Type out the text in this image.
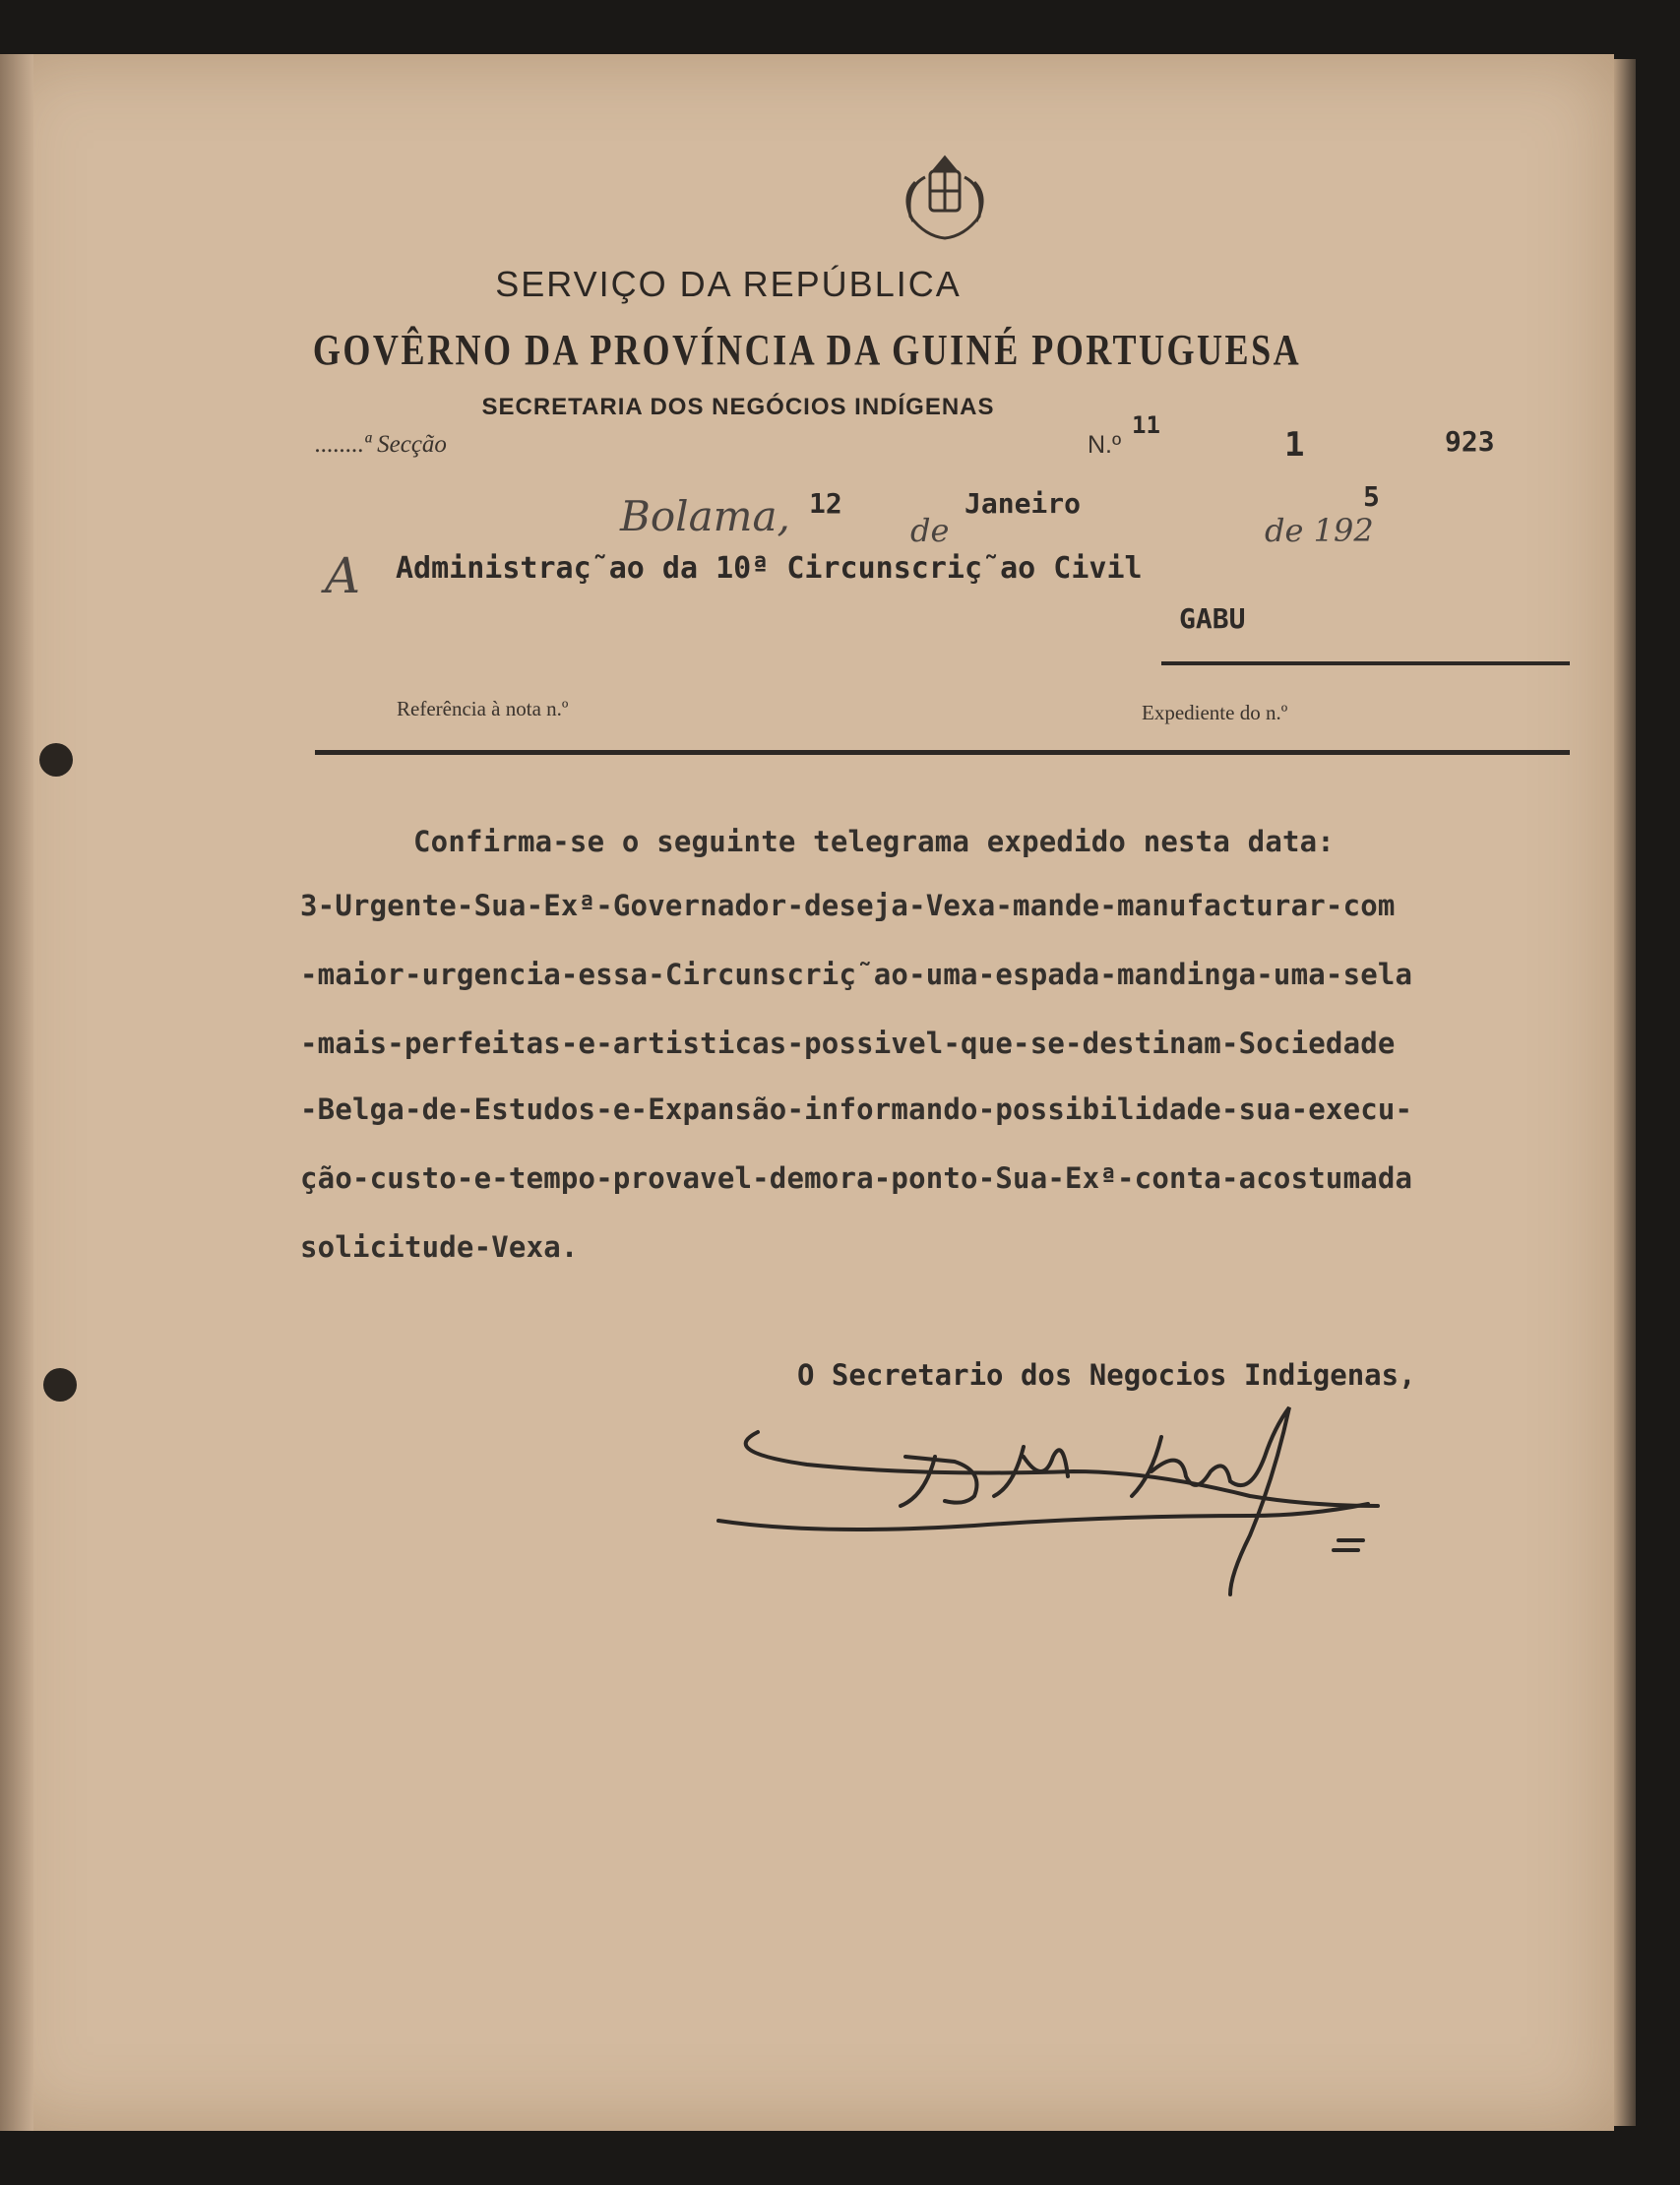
SERVIÇO DA REPÚBLICA
GOVÊRNO DA PROVÍNCIA DA GUINÉ PORTUGUESA
SECRETARIA DOS NEGÓCIOS INDÍGENAS
........ª Secção	N.º
11	1	923
Bolama, 12
de
Janeiro
de 192
5
A Administraç˜ao da 10ª Circunscriç˜ao Civil
GABU
Referência à nota n.º	Expediente do n.º
Confirma-se o seguinte telegrama expedido nesta data:
3-Urgente-Sua-Exª-Governador-deseja-Vexa-mande-manufacturar-com
-maior-urgencia-essa-Circunscriç˜ao-uma-espada-mandinga-uma-sela
-mais-perfeitas-e-artisticas-possivel-que-se-destinam-Sociedade
-Belga-de-Estudos-e-Expansão-informando-possibilidade-sua-execu-
ção-custo-e-tempo-provavel-demora-ponto-Sua-Exª-conta-acostumada
solicitude-Vexa.
O Secretario dos Negocios Indigenas,
